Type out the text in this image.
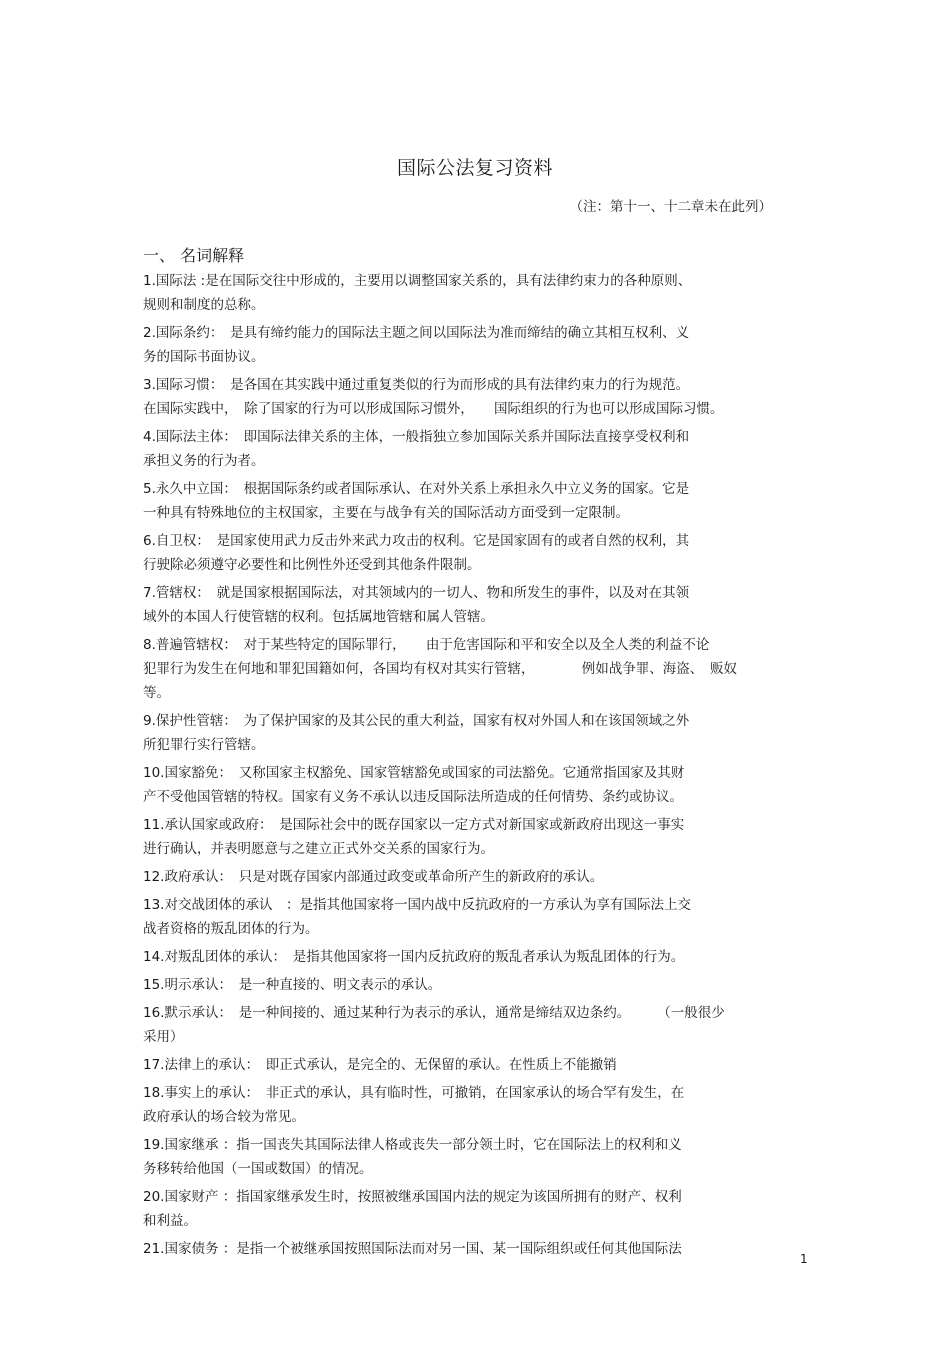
国际公法复习资料
（注：第十一、十二章未在此列）
一、 名词解释
1.国际法 :是在国际交往中形成的，主要用以调整国家关系的，具有法律约束力的各种原则、
规则和制度的总称。
2.国际条约：　是具有缔约能力的国际法主题之间以国际法为准而缔结的确立其相互权利、义
务的国际书面协议。
3.国际习惯：　是各国在其实践中通过重复类似的行为而形成的具有法律约束力的行为规范。
在国际实践中，　除了国家的行为可以形成国际习惯外，　　国际组织的行为也可以形成国际习惯。
4.国际法主体：　即国际法律关系的主体，一般指独立参加国际关系并国际法直接享受权利和
承担义务的行为者。
5.永久中立国：　根据国际条约或者国际承认、在对外关系上承担永久中立义务的国家。它是
一种具有特殊地位的主权国家，主要在与战争有关的国际活动方面受到一定限制。
6.自卫权：　是国家使用武力反击外来武力攻击的权利。它是国家固有的或者自然的权利，其
行驶除必须遵守必要性和比例性外还受到其他条件限制。
7.管辖权：　就是国家根据国际法，对其领域内的一切人、物和所发生的事件，以及对在其领
域外的本国人行使管辖的权利。包括属地管辖和属人管辖。
8.普遍管辖权：　对于某些特定的国际罪行，　　由于危害国际和平和安全以及全人类的利益不论
犯罪行为发生在何地和罪犯国籍如何，各国均有权对其实行管辖，　　　　例如战争罪、海盗、　贩奴
等。
9.保护性管辖：　为了保护国家的及其公民的重大利益，国家有权对外国人和在该国领域之外
所犯罪行实行管辖。
10.国家豁免：　又称国家主权豁免、国家管辖豁免或国家的司法豁免。它通常指国家及其财
产不受他国管辖的特权。国家有义务不承认以违反国际法所造成的任何情势、条约或协议。
11.承认国家或政府：　是国际社会中的既存国家以一定方式对新国家或新政府出现这一事实
进行确认，并表明愿意与之建立正式外交关系的国家行为。
12.政府承认：　只是对既存国家内部通过政变或革命所产生的新政府的承认。
13.对交战团体的承认　：是指其他国家将一国内战中反抗政府的一方承认为享有国际法上交
战者资格的叛乱团体的行为。
14.对叛乱团体的承认：　是指其他国家将一国内反抗政府的叛乱者承认为叛乱团体的行为。
15.明示承认：　是一种直接的、明文表示的承认。
16.默示承认：　是一种间接的、通过某种行为表示的承认，通常是缔结双边条约。　　　（一般很少
采用）
17.法律上的承认：　即正式承认，是完全的、无保留的承认。在性质上不能撤销
18.事实上的承认：　非正式的承认，具有临时性，可撤销，在国家承认的场合罕有发生，在
政府承认的场合较为常见。
19.国家继承 ：指一国丧失其国际法律人格或丧失一部分领土时，它在国际法上的权利和义
务移转给他国（一国或数国）的情况。
20.国家财产 ：指国家继承发生时，按照被继承国国内法的规定为该国所拥有的财产、权利
和利益。
21.国家债务 ：是指一个被继承国按照国际法而对另一国、某一国际组织或任何其他国际法
1
